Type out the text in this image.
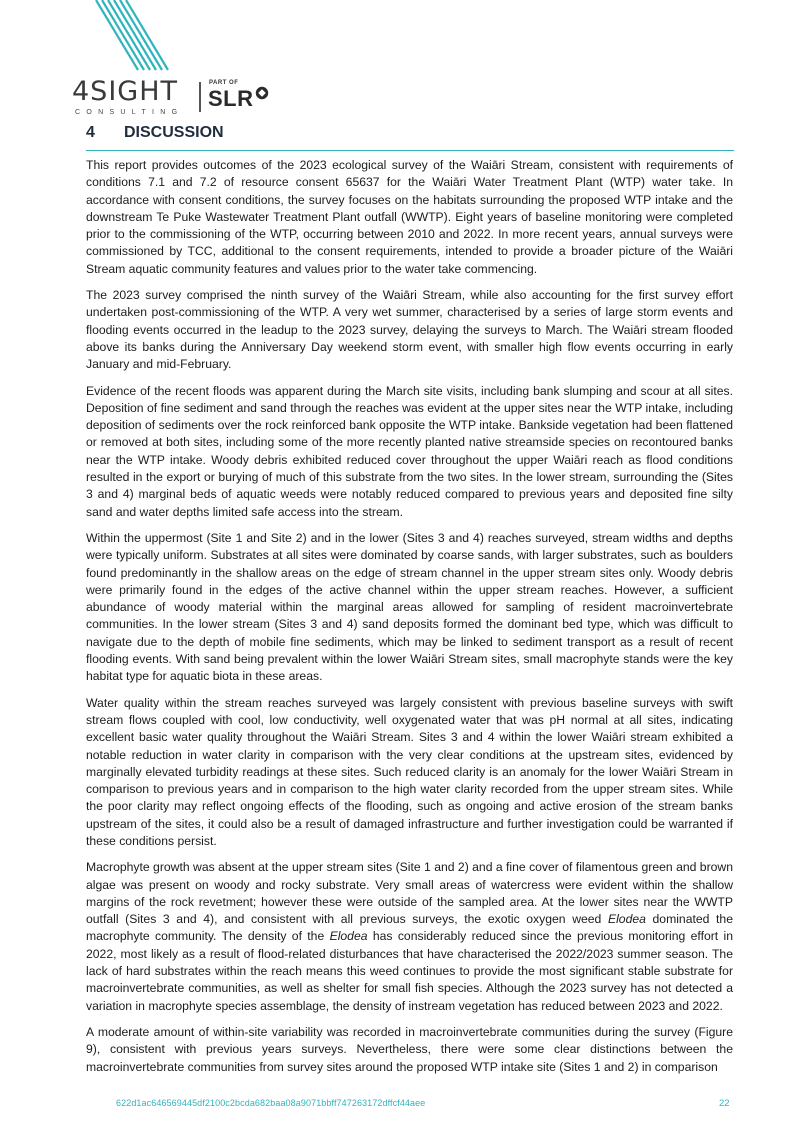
4SIGHT
CONSULTING
PART OF
SLR
4	DISCUSSION

This report provides outcomes of the 2023 ecological survey of the Waiāri Stream, consistent with requirements of conditions 7.1 and 7.2 of resource consent 65637 for the Waiāri Water Treatment Plant (WTP) water take. In accordance with consent conditions, the survey focuses on the habitats surrounding the proposed WTP intake and the downstream Te Puke Wastewater Treatment Plant outfall (WWTP). Eight years of baseline monitoring were completed prior to the commissioning of the WTP, occurring between 2010 and 2022. In more recent years, annual surveys were commissioned by TCC, additional to the consent requirements, intended to provide a broader picture of the Waiāri Stream aquatic community features and values prior to the water take commencing.

The 2023 survey comprised the ninth survey of the Waiāri Stream, while also accounting for the first survey effort undertaken post-commissioning of the WTP. A very wet summer, characterised by a series of large storm events and flooding events occurred in the leadup to the 2023 survey, delaying the surveys to March. The Waiāri stream flooded above its banks during the Anniversary Day weekend storm event, with smaller high flow events occurring in early January and mid-February.

Evidence of the recent floods was apparent during the March site visits, including bank slumping and scour at all sites. Deposition of fine sediment and sand through the reaches was evident at the upper sites near the WTP intake, including deposition of sediments over the rock reinforced bank opposite the WTP intake. Bankside vegetation had been flattened or removed at both sites, including some of the more recently planted native streamside species on recontoured banks near the WTP intake. Woody debris exhibited reduced cover throughout the upper Waiāri reach as flood conditions resulted in the export or burying of much of this substrate from the two sites. In the lower stream, surrounding the (Sites 3 and 4) marginal beds of aquatic weeds were notably reduced compared to previous years and deposited fine silty sand and water depths limited safe access into the stream.

Within the uppermost (Site 1 and Site 2) and in the lower (Sites 3 and 4) reaches surveyed, stream widths and depths were typically uniform. Substrates at all sites were dominated by coarse sands, with larger substrates, such as boulders found predominantly in the shallow areas on the edge of stream channel in the upper stream sites only. Woody debris were primarily found in the edges of the active channel within the upper stream reaches. However, a sufficient abundance of woody material within the marginal areas allowed for sampling of resident macroinvertebrate communities. In the lower stream (Sites 3 and 4) sand deposits formed the dominant bed type, which was difficult to navigate due to the depth of mobile fine sediments, which may be linked to sediment transport as a result of recent flooding events. With sand being prevalent within the lower Waiāri Stream sites, small macrophyte stands were the key habitat type for aquatic biota in these areas.

Water quality within the stream reaches surveyed was largely consistent with previous baseline surveys with swift stream flows coupled with cool, low conductivity, well oxygenated water that was pH normal at all sites, indicating excellent basic water quality throughout the Waiāri Stream. Sites 3 and 4 within the lower Waiāri stream exhibited a notable reduction in water clarity in comparison with the very clear conditions at the upstream sites, evidenced by marginally elevated turbidity readings at these sites. Such reduced clarity is an anomaly for the lower Waiāri Stream in comparison to previous years and in comparison to the high water clarity recorded from the upper stream sites. While the poor clarity may reflect ongoing effects of the flooding, such as ongoing and active erosion of the stream banks upstream of the sites, it could also be a result of damaged infrastructure and further investigation could be warranted if these conditions persist.

Macrophyte growth was absent at the upper stream sites (Site 1 and 2) and a fine cover of filamentous green and brown algae was present on woody and rocky substrate. Very small areas of watercress were evident within the shallow margins of the rock revetment; however these were outside of the sampled area. At the lower sites near the WWTP outfall (Sites 3 and 4), and consistent with all previous surveys, the exotic oxygen weed Elodea dominated the macrophyte community. The density of the Elodea has considerably reduced since the previous monitoring effort in 2022, most likely as a result of flood-related disturbances that have characterised the 2022/2023 summer season. The lack of hard substrates within the reach means this weed continues to provide the most significant stable substrate for macroinvertebrate communities, as well as shelter for small fish species. Although the 2023 survey has not detected a variation in macrophyte species assemblage, the density of instream vegetation has reduced between 2023 and 2022.

A moderate amount of within-site variability was recorded in macroinvertebrate communities during the survey (Figure 9), consistent with previous years surveys. Nevertheless, there were some clear distinctions between the macroinvertebrate communities from survey sites around the proposed WTP intake site (Sites 1 and 2) in comparison

622d1ac646569445df2100c2bcda682baa08a9071bbff747263172dffcf44aee	22
